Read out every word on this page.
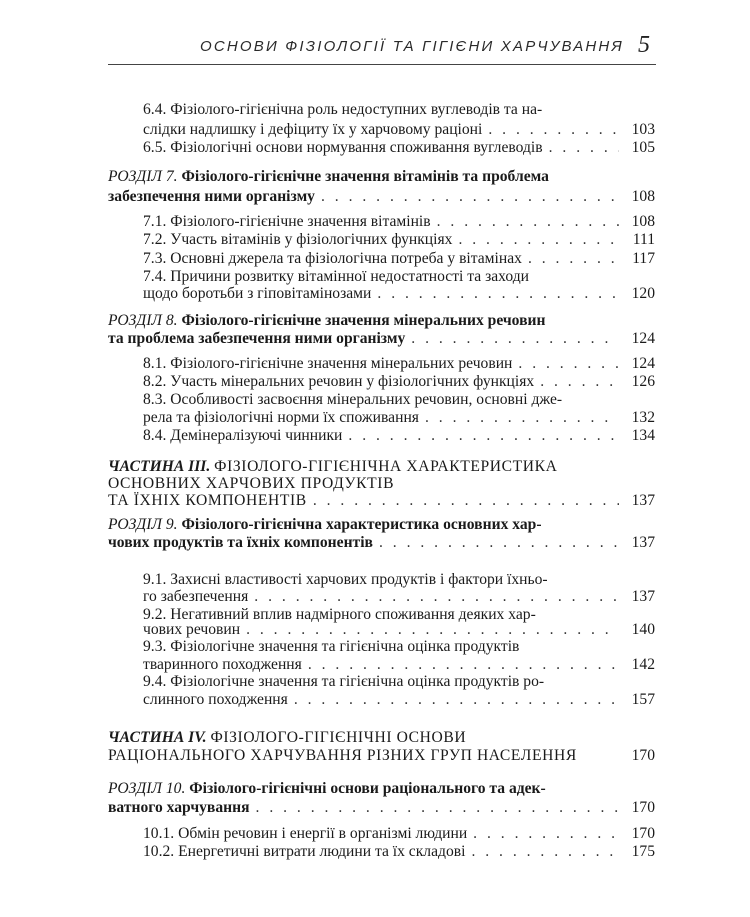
ОСНОВИ ФІЗІОЛОГІЇ ТА ГІГІЄНИ ХАРЧУВАННЯ 5
6.4. Фізіолого-гігієнічна роль недоступних вуглеводів та на-
слідки надлишку і дефіциту їх у харчовому раціоні . . .	103
6.5. Фізіологічні основи нормування споживання вуглеводів . . .	105
РОЗДІЛ 7. Фізіолого-гігієнічне значення вітамінів та проблема
забезпечення ними організму . . .	108
7.1. Фізіолого-гігієнічне значення вітамінів . . .	108
7.2. Участь вітамінів у фізіологічних функціях . . .	111
7.3. Основні джерела та фізіологічна потреба у вітамінах . . .	117
7.4. Причини розвитку вітамінної недостатності та заходи
щодо боротьби з гіповітамінозами . . .	120
РОЗДІЛ 8. Фізіолого-гігієнічне значення мінеральних речовин
та проблема забезпечення ними організму . . .	124
8.1. Фізіолого-гігієнічне значення мінеральних речовин . . .	124
8.2. Участь мінеральних речовин у фізіологічних функціях . . .	126
8.3. Особливості засвоєння мінеральних речовин, основні дже-
рела та фізіологічні норми їх споживання . . .	132
8.4. Демінералізуючі чинники . . .	134
ЧАСТИНА ІІІ. ФІЗІОЛОГО-ГІГІЄНІЧНА ХАРАКТЕРИСТИКА
ОСНОВНИХ ХАРЧОВИХ ПРОДУКТІВ
ТА ЇХНІХ КОМПОНЕНТІВ . . .	137
РОЗДІЛ 9. Фізіолого-гігієнічна характеристика основних хар-
чових продуктів та їхніх компонентів . . .	137
9.1. Захисні властивості харчових продуктів і фактори їхньо-
го забезпечення . . .	137
9.2. Негативний вплив надмірного споживання деяких хар-
чових речовин . . .	140
9.3. Фізіологічне значення та гігієнічна оцінка продуктів
тваринного походження . . .	142
9.4. Фізіологічне значення та гігієнічна оцінка продуктів ро-
слинного походження . . .	157
ЧАСТИНА IV. ФІЗІОЛОГО-ГІГІЄНІЧНІ ОСНОВИ
РАЦІОНАЛЬНОГО ХАРЧУВАННЯ РІЗНИХ ГРУП НАСЕЛЕННЯ	170
РОЗДІЛ 10. Фізіолого-гігієнічні основи раціонального та адек-
ватного харчування . . .	170
10.1. Обмін речовин і енергії в організмі людини . . .	170
10.2. Енергетичні витрати людини та їх складові . . .	175
